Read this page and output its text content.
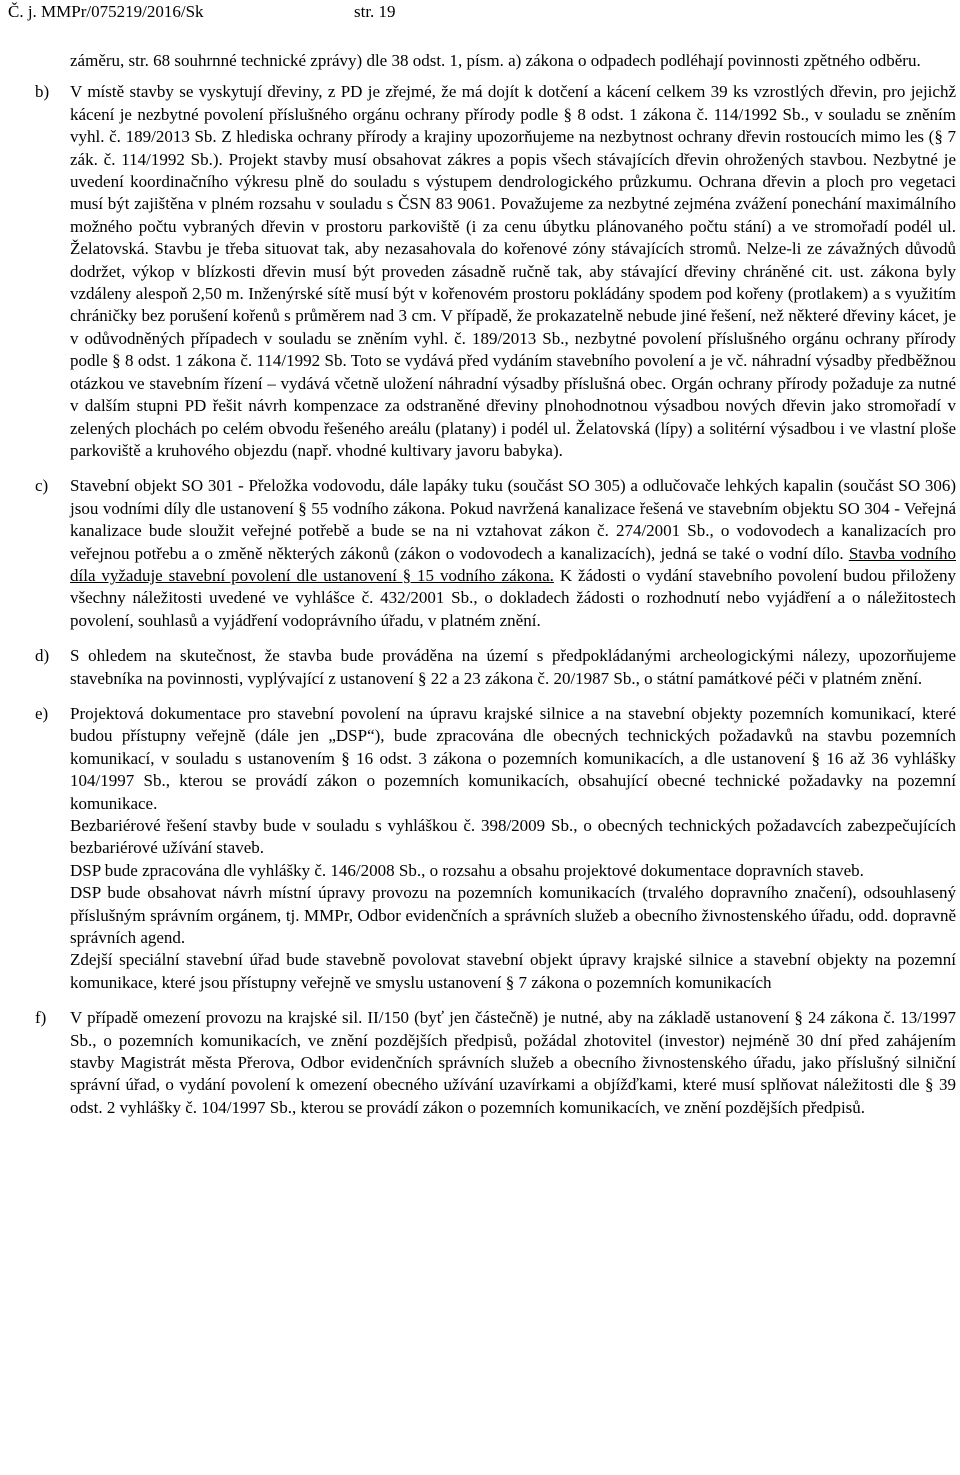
Č. j. MMPr/075219/2016/Sk	str. 19
záměru, str. 68 souhrnné technické zprávy) dle 38 odst. 1, písm. a) zákona o odpadech podléhají povinnosti zpětného odběru.
b) V místě stavby se vyskytují dřeviny, z PD je zřejmé, že má dojít k dotčení a kácení celkem 39 ks vzrostlých dřevin, pro jejichž kácení je nezbytné povolení příslušného orgánu ochrany přírody podle § 8 odst. 1 zákona č. 114/1992 Sb., v souladu se zněním vyhl. č. 189/2013 Sb. Z hlediska ochrany přírody a krajiny upozorňujeme na nezbytnost ochrany dřevin rostoucích mimo les (§ 7 zák. č. 114/1992 Sb.). Projekt stavby musí obsahovat zákres a popis všech stávajících dřevin ohrožených stavbou. Nezbytné je uvedení koordinačního výkresu plně do souladu s výstupem dendrologického průzkumu. Ochrana dřevin a ploch pro vegetaci musí být zajištěna v plném rozsahu v souladu s ČSN 83 9061. Považujeme za nezbytné zejména zvážení ponechání maximálního možného počtu vybraných dřevin v prostoru parkoviště (i za cenu úbytku plánovaného počtu stání) a ve stromořadí podél ul. Želatovská. Stavbu je třeba situovat tak, aby nezasahovala do kořenové zóny stávajících stromů. Nelze-li ze závažných důvodů dodržet, výkop v blízkosti dřevin musí být proveden zásadně ručně tak, aby stávající dřeviny chráněné cit. ust. zákona byly vzdáleny alespoň 2,50 m. Inženýrské sítě musí být v kořenovém prostoru pokládány spodem pod kořeny (protlakem) a s využitím chráničky bez porušení kořenů s průměrem nad 3 cm. V případě, že prokazatelně nebude jiné řešení, než některé dřeviny kácet, je v odůvodněných případech v souladu se zněním vyhl. č. 189/2013 Sb., nezbytné povolení příslušného orgánu ochrany přírody podle § 8 odst. 1 zákona č. 114/1992 Sb. Toto se vydává před vydáním stavebního povolení a je vč. náhradní výsadby předběžnou otázkou ve stavebním řízení – vydává včetně uložení náhradní výsadby příslušná obec. Orgán ochrany přírody požaduje za nutné v dalším stupni PD řešit návrh kompenzace za odstraněné dřeviny plnohodnotnou výsadbou nových dřevin jako stromořadí v zelených plochách po celém obvodu řešeného areálu (platany) i podél ul. Želatovská (lípy) a solitérní výsadbou i ve vlastní ploše parkoviště a kruhového objezdu (např. vhodné kultivary javoru babyka).
c) Stavební objekt SO 301 - Přeložka vodovodu, dále lapáky tuku (součást SO 305) a odlučovače lehkých kapalin (součást SO 306) jsou vodními díly dle ustanovení § 55 vodního zákona. Pokud navržená kanalizace řešená ve stavebním objektu SO 304 - Veřejná kanalizace bude sloužit veřejné potřebě a bude se na ni vztahovat zákon č. 274/2001 Sb., o vodovodech a kanalizacích pro veřejnou potřebu a o změně některých zákonů (zákon o vodovodech a kanalizacích), jedná se také o vodní dílo. Stavba vodního díla vyžaduje stavební povolení dle ustanovení § 15 vodního zákona. K žádosti o vydání stavebního povolení budou přiloženy všechny náležitosti uvedené ve vyhlášce č. 432/2001 Sb., o dokladech žádosti o rozhodnutí nebo vyjádření a o náležitostech povolení, souhlasů a vyjádření vodoprávního úřadu, v platném znění.
d) S ohledem na skutečnost, že stavba bude prováděna na území s předpokládanými archeologickými nálezy, upozorňujeme stavebníka na povinnosti, vyplývající z ustanovení § 22 a 23 zákona č. 20/1987 Sb., o státní památkové péči v platném znění.
e) Projektová dokumentace pro stavební povolení na úpravu krajské silnice a na stavební objekty pozemních komunikací, které budou přístupny veřejně (dále jen „DSP“), bude zpracována dle obecných technických požadavků na stavbu pozemních komunikací, v souladu s ustanovením § 16 odst. 3 zákona o pozemních komunikacích, a dle ustanovení § 16 až 36 vyhlášky 104/1997 Sb., kterou se provádí zákon o pozemních komunikacích, obsahující obecné technické požadavky na pozemní komunikace.
Bezbariérové řešení stavby bude v souladu s vyhláškou č. 398/2009 Sb., o obecných technických požadavcích zabezpečujících bezbariérové užívání staveb.
DSP bude zpracována dle vyhlášky č. 146/2008 Sb., o rozsahu a obsahu projektové dokumentace dopravních staveb.
DSP bude obsahovat návrh místní úpravy provozu na pozemních komunikacích (trvalého dopravního značení), odsouhlasený příslušným správním orgánem, tj. MMPr, Odbor evidenčních a správních služeb a obecního živnostenského úřadu, odd. dopravně správních agend.
Zdejší speciální stavební úřad bude stavebně povolovat stavební objekt úpravy krajské silnice a stavební objekty na pozemní komunikace, které jsou přístupny veřejně ve smyslu ustanovení § 7 zákona o pozemních komunikacích
f) V případě omezení provozu na krajské sil. II/150 (byť jen částečně) je nutné, aby na základě ustanovení § 24 zákona č. 13/1997 Sb., o pozemních komunikacích, ve znění pozdějších předpisů, požádal zhotovitel (investor) nejméně 30 dní před zahájením stavby Magistrát města Přerova, Odbor evidenčních správních služeb a obecního živnostenského úřadu, jako příslušný silniční správní úřad, o vydání povolení k omezení obecného užívání uzavírkami a objížďkami, které musí splňovat náležitosti dle § 39 odst. 2 vyhlášky č. 104/1997 Sb., kterou se provádí zákon o pozemních komunikacích, ve znění pozdějších předpisů.
